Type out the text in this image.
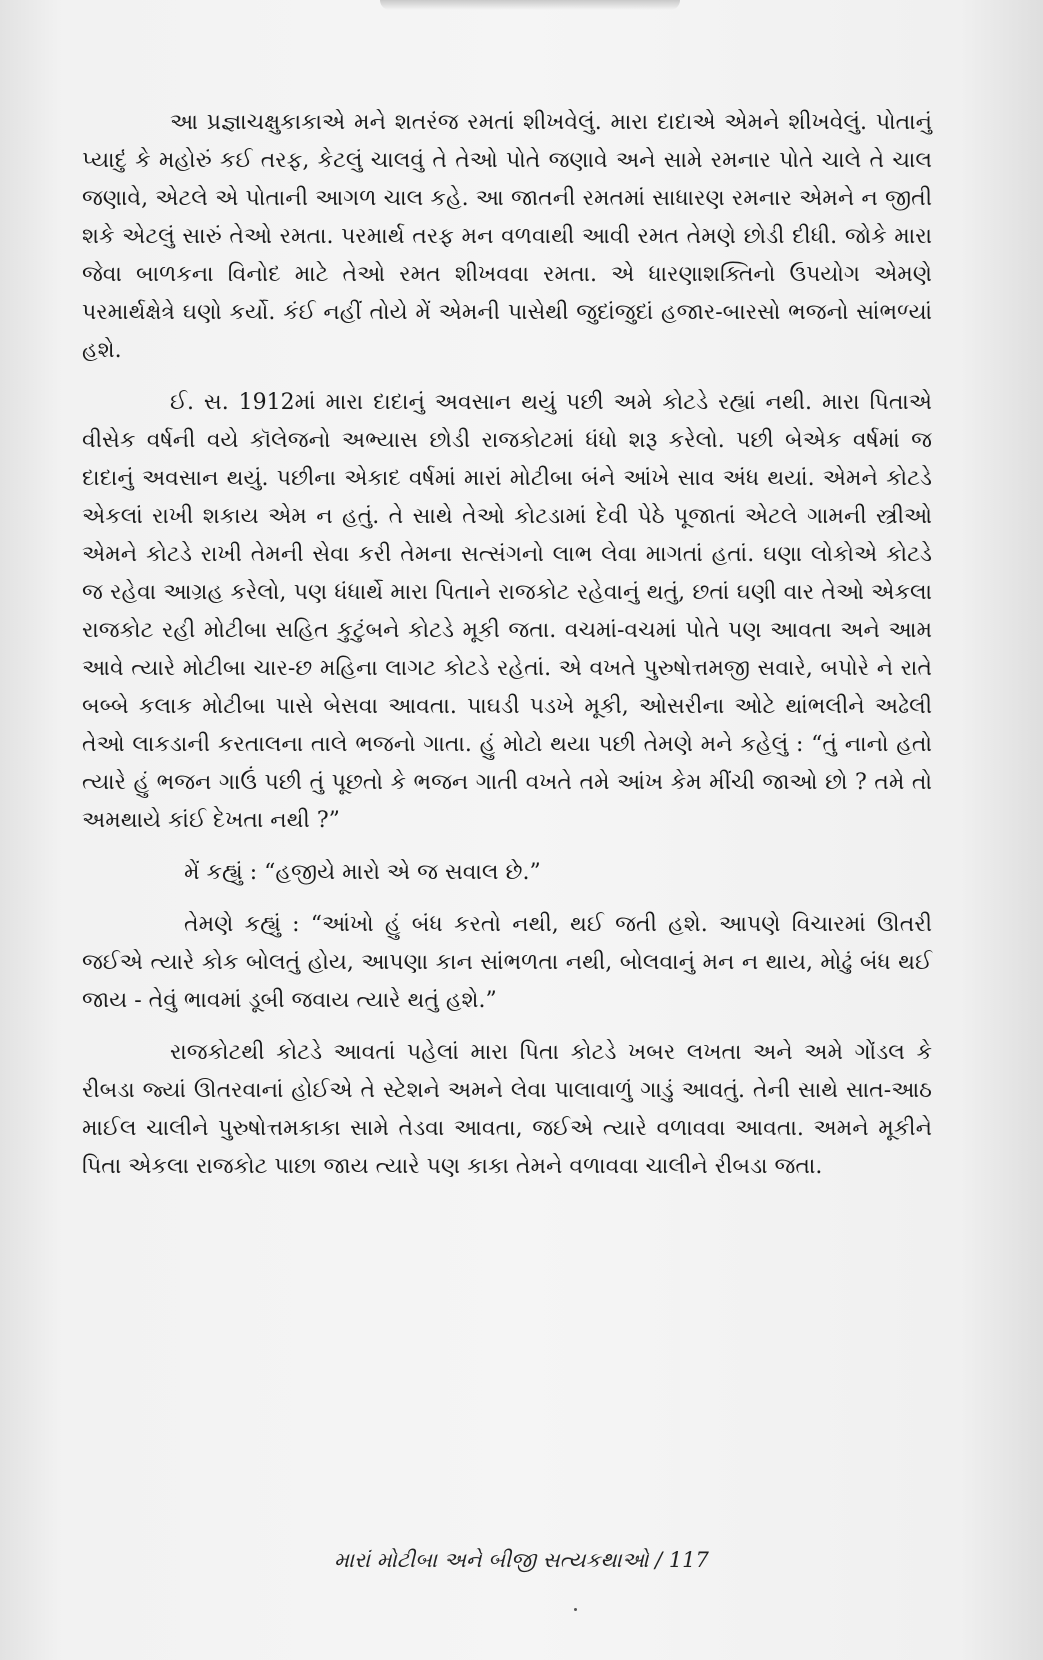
આ પ્રજ્ઞાચક્ષુકાકાએ મને શતરંજ રમતાં શીખવેલું. મારા દાદાએ એમને શીખવેલું. પોતાનું પ્યાદું કે મહોરું કઈ તરફ, કેટલું ચાલવું તે તેઓ પોતે જણાવે અને સામે રમનાર પોતે ચાલે તે ચાલ જણાવે, એટલે એ પોતાની આગળ ચાલ કહે. આ જાતની રમતમાં સાધારણ રમનાર એમને ન જીતી શકે એટલું સારું તેઓ રમતા. પરમાર્થ તરફ મન વળવાથી આવી રમત તેમણે છોડી દીધી. જોકે મારા જેવા બાળકના વિનોદ માટે તેઓ રમત શીખવવા રમતા. એ ધારણાશક્તિનો ઉપયોગ એમણે પરમાર્થક્ષેત્રે ઘણો કર્યો. કંઈ નહીં તોયે મેં એમની પાસેથી જુદાંજુદાં હજાર-બારસો ભજનો સાંભળ્યાં હશે.

ઈ. સ. 1912માં મારા દાદાનું અવસાન થયું પછી અમે કોટડે રહ્યાં નથી. મારા પિતાએ વીસેક વર્ષની વયે કૉલેજનો અભ્યાસ છોડી રાજકોટમાં ધંધો શરૂ કરેલો. પછી બેએક વર્ષમાં જ દાદાનું અવસાન થયું. પછીના એકાદ વર્ષમાં મારાં મોટીબા બંને આંખે સાવ અંધ થયાં. એમને કોટડે એકલાં રાખી શકાય એમ ન હતું. તે સાથે તેઓ કોટડામાં દેવી પેઠે પૂજાતાં એટલે ગામની સ્ત્રીઓ એમને કોટડે રાખી તેમની સેવા કરી તેમના સત્સંગનો લાભ લેવા માગતાં હતાં. ઘણા લોકોએ કોટડે જ રહેવા આગ્રહ કરેલો, પણ ધંધાર્થે મારા પિતાને રાજકોટ રહેવાનું થતું, છતાં ઘણી વાર તેઓ એકલા રાજકોટ રહી મોટીબા સહિત કુટુંબને કોટડે મૂકી જતા. વચમાં-વચમાં પોતે પણ આવતા અને આમ આવે ત્યારે મોટીબા ચાર-છ મહિના લાગટ કોટડે રહેતાં. એ વખતે પુરુષોત્તમજી સવારે, બપોરે ને રાતે બબ્બે કલાક મોટીબા પાસે બેસવા આવતા. પાઘડી પડખે મૂકી, ઓસરીના ઓટે થાંભલીને અઢેલી તેઓ લાકડાની કરતાલના તાલે ભજનો ગાતા. હું મોટો થયા પછી તેમણે મને કહેલું : “તું નાનો હતો ત્યારે હું ભજન ગાઉં પછી તું પૂછતો કે ભજન ગાતી વખતે તમે આંખ કેમ મીંચી જાઓ છો ? તમે તો અમથાયે કાંઈ દેખતા નથી ?”

મેં કહ્યું : “હજીયે મારો એ જ સવાલ છે.”

તેમણે કહ્યું : “આંખો હું બંધ કરતો નથી, થઈ જતી હશે. આપણે વિચારમાં ઊતરી જઈએ ત્યારે કોક બોલતું હોય, આપણા કાન સાંભળતા નથી, બોલવાનું મન ન થાય, મોઢું બંધ થઈ જાય - તેવું ભાવમાં ડૂબી જવાય ત્યારે થતું હશે.”

રાજકોટથી કોટડે આવતાં પહેલાં મારા પિતા કોટડે ખબર લખતા અને અમે ગોંડલ કે રીબડા જ્યાં ઊતરવાનાં હોઈએ તે સ્ટેશને અમને લેવા પાલાવાળું ગાડું આવતું. તેની સાથે સાત-આઠ માઈલ ચાલીને પુરુષોત્તમકાકા સામે તેડવા આવતા, જઈએ ત્યારે વળાવવા આવતા. અમને મૂકીને પિતા એકલા રાજકોટ પાછા જાય ત્યારે પણ કાકા તેમને વળાવવા ચાલીને રીબડા જતા.

મારાં મોટીબા અને બીજી સત્યકથાઓ / 117
